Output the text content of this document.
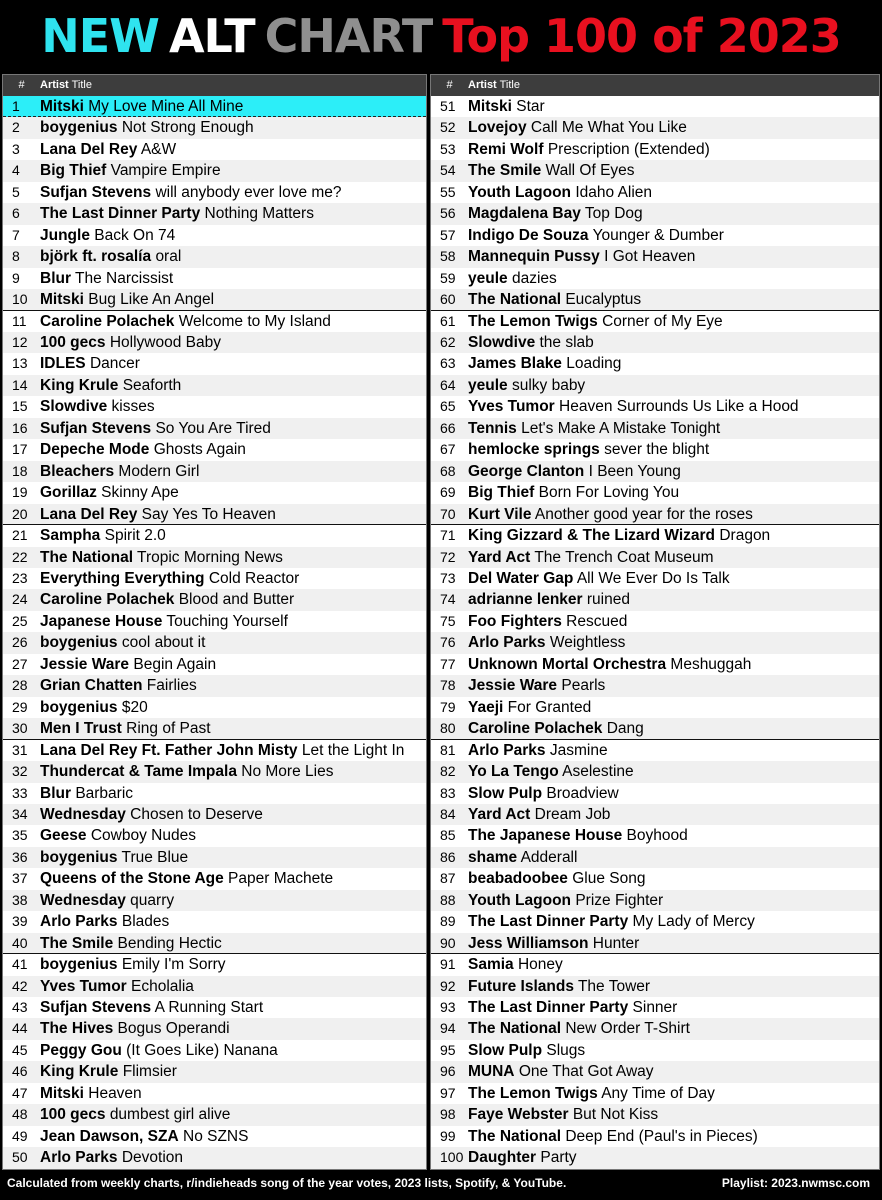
NEW ALT CHART Top 100 of 2023
# Artist Title
1 Mitski My Love Mine All Mine
2 boygenius Not Strong Enough
3 Lana Del Rey A&W
4 Big Thief Vampire Empire
5 Sufjan Stevens will anybody ever love me?
6 The Last Dinner Party Nothing Matters
7 Jungle Back On 74
8 björk ft. rosalía oral
9 Blur The Narcissist
10 Mitski Bug Like An Angel
11 Caroline Polachek Welcome to My Island
12 100 gecs Hollywood Baby
13 IDLES Dancer
14 King Krule Seaforth
15 Slowdive kisses
16 Sufjan Stevens So You Are Tired
17 Depeche Mode Ghosts Again
18 Bleachers Modern Girl
19 Gorillaz Skinny Ape
20 Lana Del Rey Say Yes To Heaven
21 Sampha Spirit 2.0
22 The National Tropic Morning News
23 Everything Everything Cold Reactor
24 Caroline Polachek Blood and Butter
25 Japanese House Touching Yourself
26 boygenius cool about it
27 Jessie Ware Begin Again
28 Grian Chatten Fairlies
29 boygenius $20
30 Men I Trust Ring of Past
31 Lana Del Rey Ft. Father John Misty Let the Light In
32 Thundercat & Tame Impala No More Lies
33 Blur Barbaric
34 Wednesday Chosen to Deserve
35 Geese Cowboy Nudes
36 boygenius True Blue
37 Queens of the Stone Age Paper Machete
38 Wednesday quarry
39 Arlo Parks Blades
40 The Smile Bending Hectic
41 boygenius Emily I'm Sorry
42 Yves Tumor Echolalia
43 Sufjan Stevens A Running Start
44 The Hives Bogus Operandi
45 Peggy Gou (It Goes Like) Nanana
46 King Krule Flimsier
47 Mitski Heaven
48 100 gecs dumbest girl alive
49 Jean Dawson, SZA No SZNS
50 Arlo Parks Devotion
# Artist Title
51 Mitski Star
52 Lovejoy Call Me What You Like
53 Remi Wolf Prescription (Extended)
54 The Smile Wall Of Eyes
55 Youth Lagoon Idaho Alien
56 Magdalena Bay Top Dog
57 Indigo De Souza Younger & Dumber
58 Mannequin Pussy I Got Heaven
59 yeule dazies
60 The National Eucalyptus
61 The Lemon Twigs Corner of My Eye
62 Slowdive the slab
63 James Blake Loading
64 yeule sulky baby
65 Yves Tumor Heaven Surrounds Us Like a Hood
66 Tennis Let's Make A Mistake Tonight
67 hemlocke springs sever the blight
68 George Clanton I Been Young
69 Big Thief Born For Loving You
70 Kurt Vile Another good year for the roses
71 King Gizzard & The Lizard Wizard Dragon
72 Yard Act The Trench Coat Museum
73 Del Water Gap All We Ever Do Is Talk
74 adrianne lenker ruined
75 Foo Fighters Rescued
76 Arlo Parks Weightless
77 Unknown Mortal Orchestra Meshuggah
78 Jessie Ware Pearls
79 Yaeji For Granted
80 Caroline Polachek Dang
81 Arlo Parks Jasmine
82 Yo La Tengo Aselestine
83 Slow Pulp Broadview
84 Yard Act Dream Job
85 The Japanese House Boyhood
86 shame Adderall
87 beabadoobee Glue Song
88 Youth Lagoon Prize Fighter
89 The Last Dinner Party My Lady of Mercy
90 Jess Williamson Hunter
91 Samia Honey
92 Future Islands The Tower
93 The Last Dinner Party Sinner
94 The National New Order T-Shirt
95 Slow Pulp Slugs
96 MUNA One That Got Away
97 The Lemon Twigs Any Time of Day
98 Faye Webster But Not Kiss
99 The National Deep End (Paul's in Pieces)
100 Daughter Party
Calculated from weekly charts, r/indieheads song of the year votes, 2023 lists, Spotify, & YouTube.	Playlist: 2023.nwmsc.com
